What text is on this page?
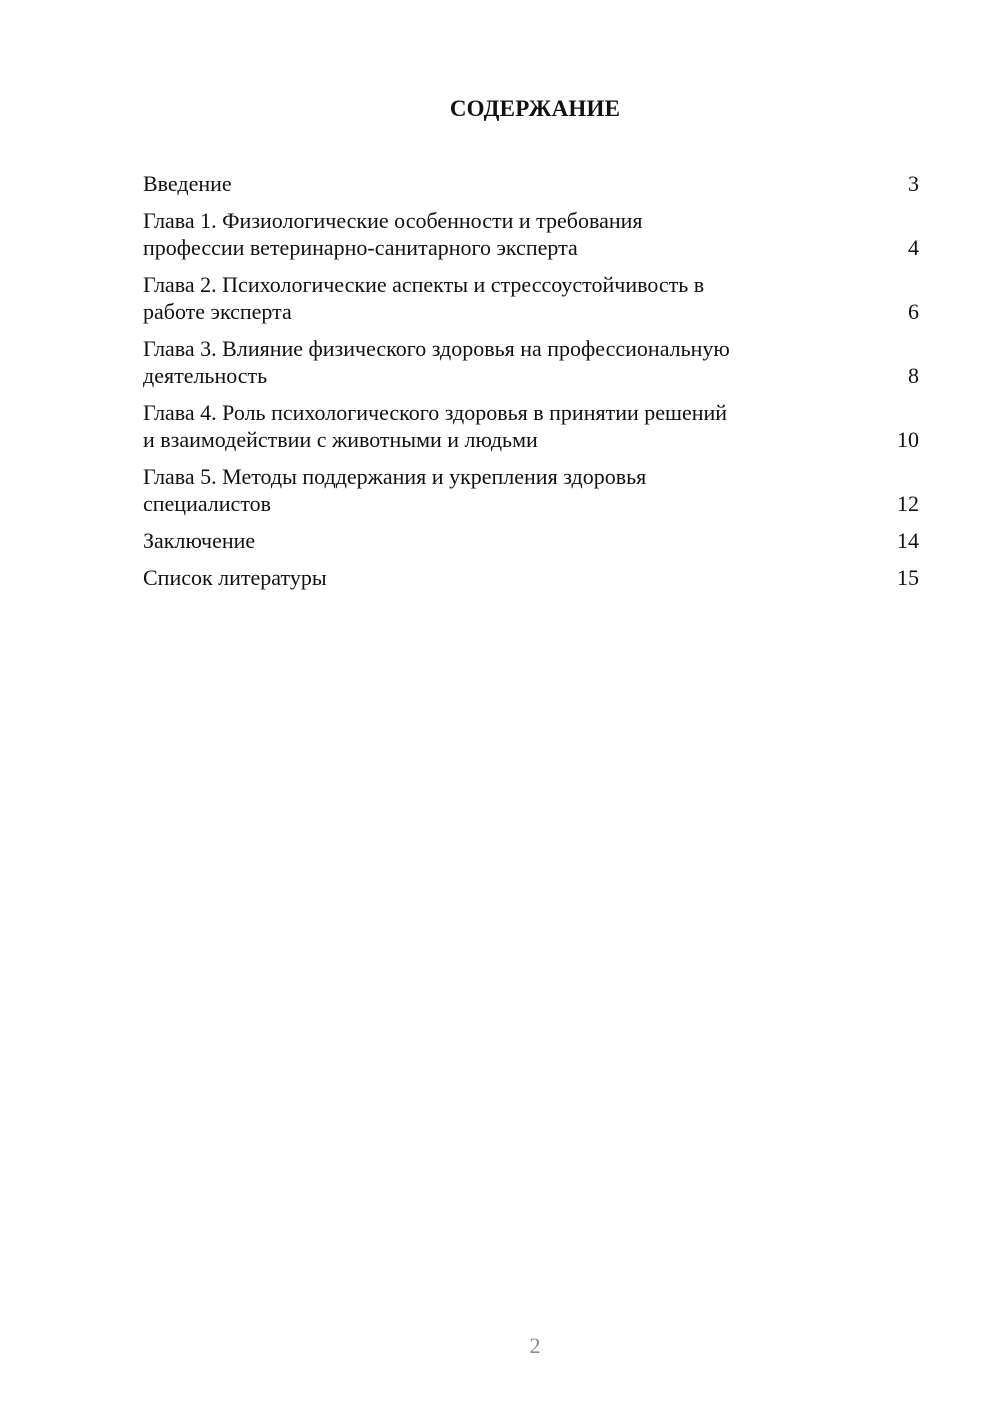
СОДЕРЖАНИЕ
Введение	3
Глава 1. Физиологические особенности и требования
профессии ветеринарно-санитарного эксперта	4
Глава 2. Психологические аспекты и стрессоустойчивость в
работе эксперта	6
Глава 3. Влияние физического здоровья на профессиональную
деятельность	8
Глава 4. Роль психологического здоровья в принятии решений
и взаимодействии с животными и людьми	10
Глава 5. Методы поддержания и укрепления здоровья
специалистов	12
Заключение	14
Список литературы	15
2
